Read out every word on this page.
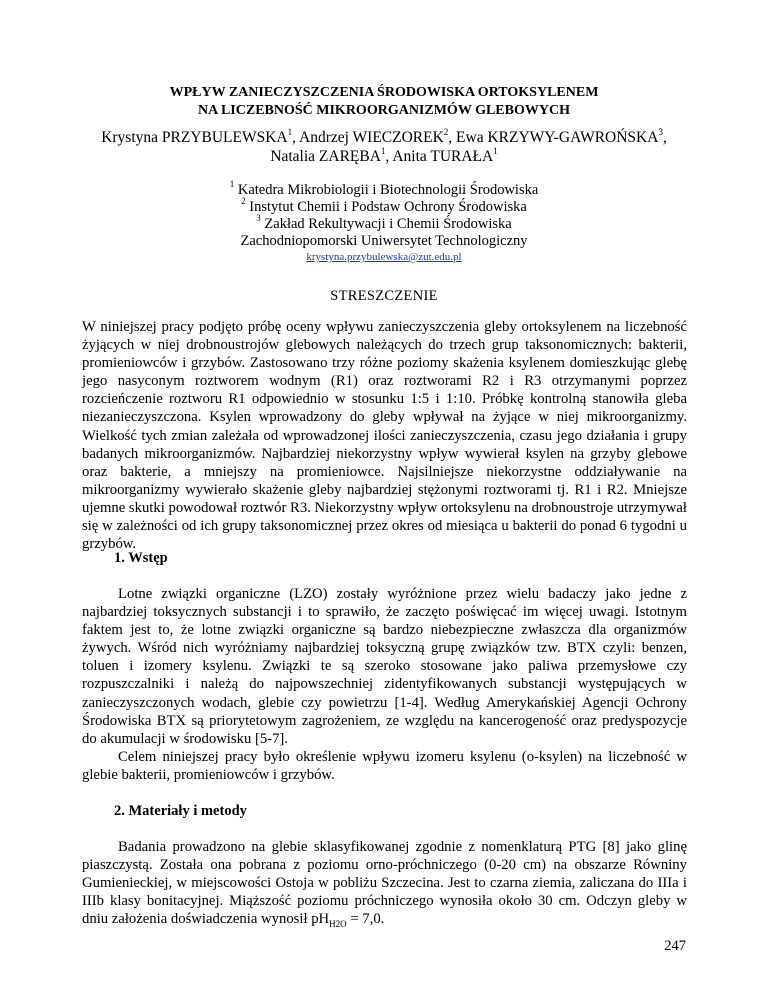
WPŁYW ZANIECZYSZCZENIA ŚRODOWISKA ORTOKSYLENEM
NA LICZEBNOŚĆ MIKROORGANIZMÓW GLEBOWYCH
Krystyna PRZYBULEWSKA$^1$, Andrzej WIECZOREK$^2$, Ewa KRZYWY-GAWROŃSKA$^3$,
Natalia ZARĘBA$^1$, Anita TURAŁA$^1$
$^1$ Katedra Mikrobiologii i Biotechnologii Środowiska
$^2$ Instytut Chemii i Podstaw Ochrony Środowiska
$^3$ Zakład Rekultywacji i Chemii Środowiska
Zachodniopomorski Uniwersytet Technologiczny
krystyna.przybulewska@zut.edu.pl
STRESZCZENIE
W niniejszej pracy podjęto próbę oceny wpływu zanieczyszczenia gleby ortoksylenem na liczebność żyjących w niej drobnoustrojów glebowych należących do trzech grup taksonomicznych: bakterii, promieniowców i grzybów. Zastosowano trzy różne poziomy skażenia ksylenem domieszkując glebę jego nasyconym roztworem wodnym (R1) oraz roztworami R2 i R3 otrzymanymi poprzez rozcieńczenie roztworu R1 odpowiednio w stosunku 1:5 i 1:10. Próbkę kontrolną stanowiła gleba niezanieczyszczona. Ksylen wprowadzony do gleby wpływał na żyjące w niej mikroorganizmy. Wielkość tych zmian zależała od wprowadzonej ilości zanieczyszczenia, czasu jego działania i grupy badanych mikroorganizmów. Najbardziej niekorzystny wpływ wywierał ksylen na grzyby glebowe oraz bakterie, a mniejszy na promieniowce. Najsilniejsze niekorzystne oddziaływanie na mikroorganizmy wywierało skażenie gleby najbardziej stężonymi roztworami tj. R1 i R2. Mniejsze ujemne skutki powodował roztwór R3. Niekorzystny wpływ ortoksylenu na drobnoustroje utrzymywał się w zależności od ich grupy taksonomicznej przez okres od miesiąca u bakterii do ponad 6 tygodni u grzybów.
1. Wstęp

Lotne związki organiczne (LZO) zostały wyróżnione przez wielu badaczy jako jedne z najbardziej toksycznych substancji i to sprawiło, że zaczęto poświęcać im więcej uwagi. Istotnym faktem jest to, że lotne związki organiczne są bardzo niebezpieczne zwłaszcza dla organizmów żywych. Wśród nich wyróżniamy najbardziej toksyczną grupę związków tzw. BTX czyli: benzen, toluen i izomery ksylenu. Związki te są szeroko stosowane jako paliwa przemysłowe czy rozpuszczalniki i należą do najpowszechniej zidentyfikowanych substancji występujących w zanieczyszczonych wodach, glebie czy powietrzu [1-4]. Według Amerykańskiej Agencji Ochrony Środowiska BTX są priorytetowym zagrożeniem, ze względu na kancerogeność oraz predyspozycje do akumulacji w środowisku [5-7].

Celem niniejszej pracy było określenie wpływu izomeru ksylenu (o-ksylen) na liczebność w glebie bakterii, promieniowców i grzybów.

2. Materiały i metody

Badania prowadzono na glebie sklasyfikowanej zgodnie z nomenklaturą PTG [8] jako glinę piaszczystą. Została ona pobrana z poziomu orno-próchniczego (0-20 cm) na obszarze Równiny Gumienieckiej, w miejscowości Ostoja w pobliżu Szczecina. Jest to czarna ziemia, zaliczana do IIIa i IIIb klasy bonitacyjnej. Miąższość poziomu próchniczego wynosiła około 30 cm. Odczyn gleby w dniu założenia doświadczenia wynosił $pH_{H2O} = 7,0$.

247
